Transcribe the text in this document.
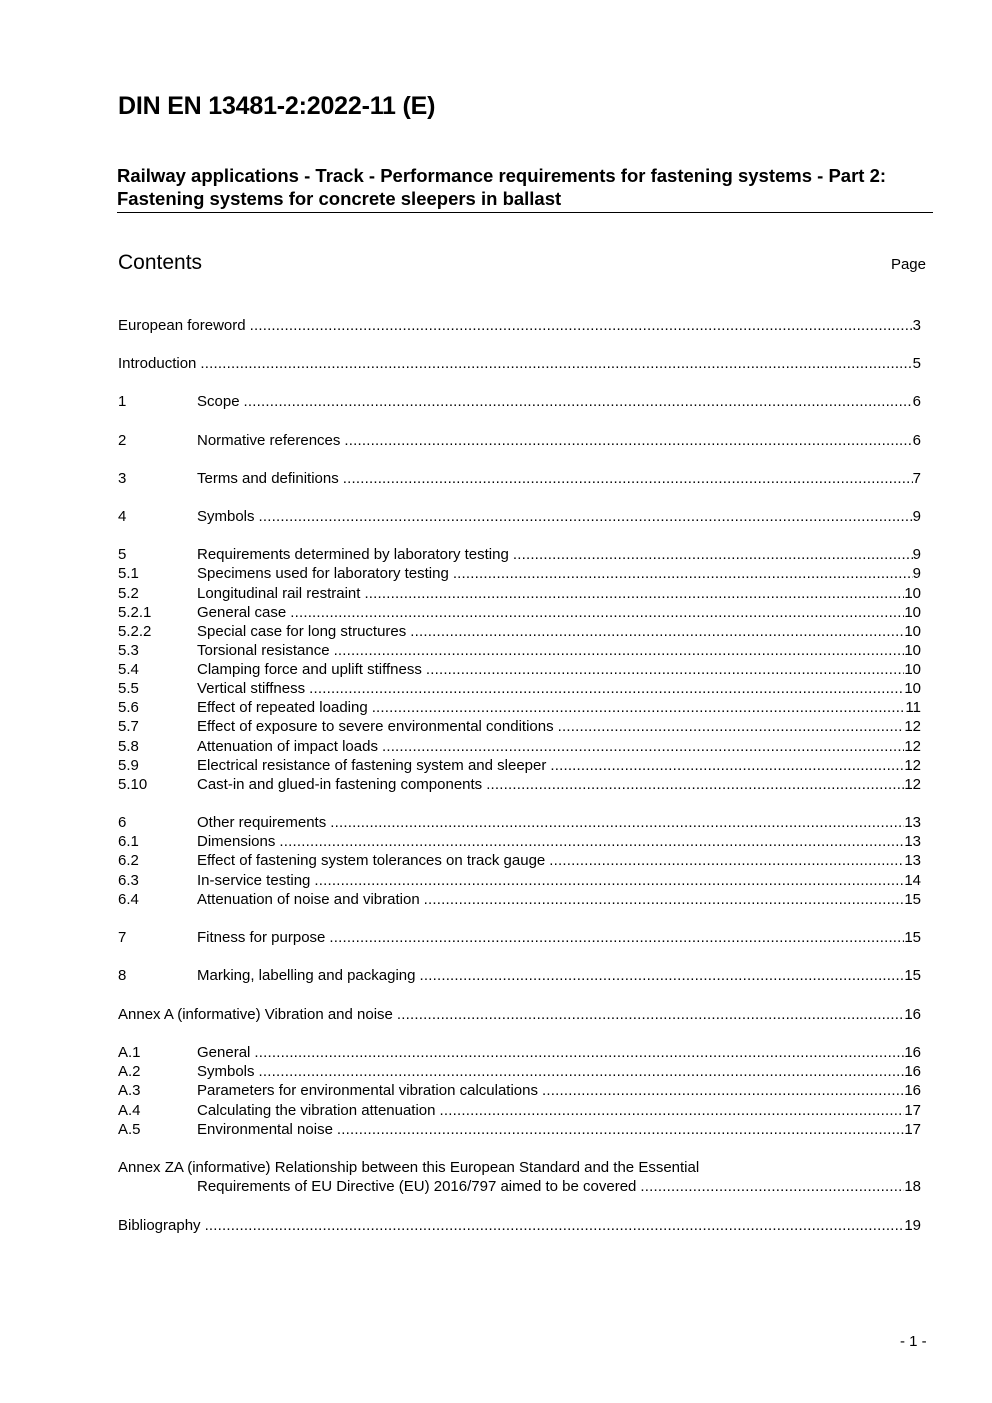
DIN EN 13481-2:2022-11 (E)
Railway applications - Track - Performance requirements for fastening systems - Part 2: Fastening systems for concrete sleepers in ballast
Contents	Page
European foreword .....	3
Introduction .....	5
1	Scope .....	6
2	Normative references .....	6
3	Terms and definitions .....	7
4	Symbols .....	9
5	Requirements determined by laboratory testing .....	9
5.1	Specimens used for laboratory testing .....	9
5.2	Longitudinal rail restraint .....	10
5.2.1	General case .....	10
5.2.2	Special case for long structures .....	10
5.3	Torsional resistance .....	10
5.4	Clamping force and uplift stiffness .....	10
5.5	Vertical stiffness .....	10
5.6	Effect of repeated loading .....	11
5.7	Effect of exposure to severe environmental conditions .....	12
5.8	Attenuation of impact loads .....	12
5.9	Electrical resistance of fastening system and sleeper .....	12
5.10	Cast-in and glued-in fastening components .....	12
6	Other requirements .....	13
6.1	Dimensions .....	13
6.2	Effect of fastening system tolerances on track gauge .....	13
6.3	In-service testing .....	14
6.4	Attenuation of noise and vibration .....	15
7	Fitness for purpose .....	15
8	Marking, labelling and packaging .....	15
Annex A (informative) Vibration and noise .....	16
A.1	General .....	16
A.2	Symbols .....	16
A.3	Parameters for environmental vibration calculations .....	16
A.4	Calculating the vibration attenuation .....	17
A.5	Environmental noise .....	17
Annex ZA (informative) Relationship between this European Standard and the Essential
Requirements of EU Directive (EU) 2016/797 aimed to be covered .....	18
Bibliography .....	19
- 1 -
